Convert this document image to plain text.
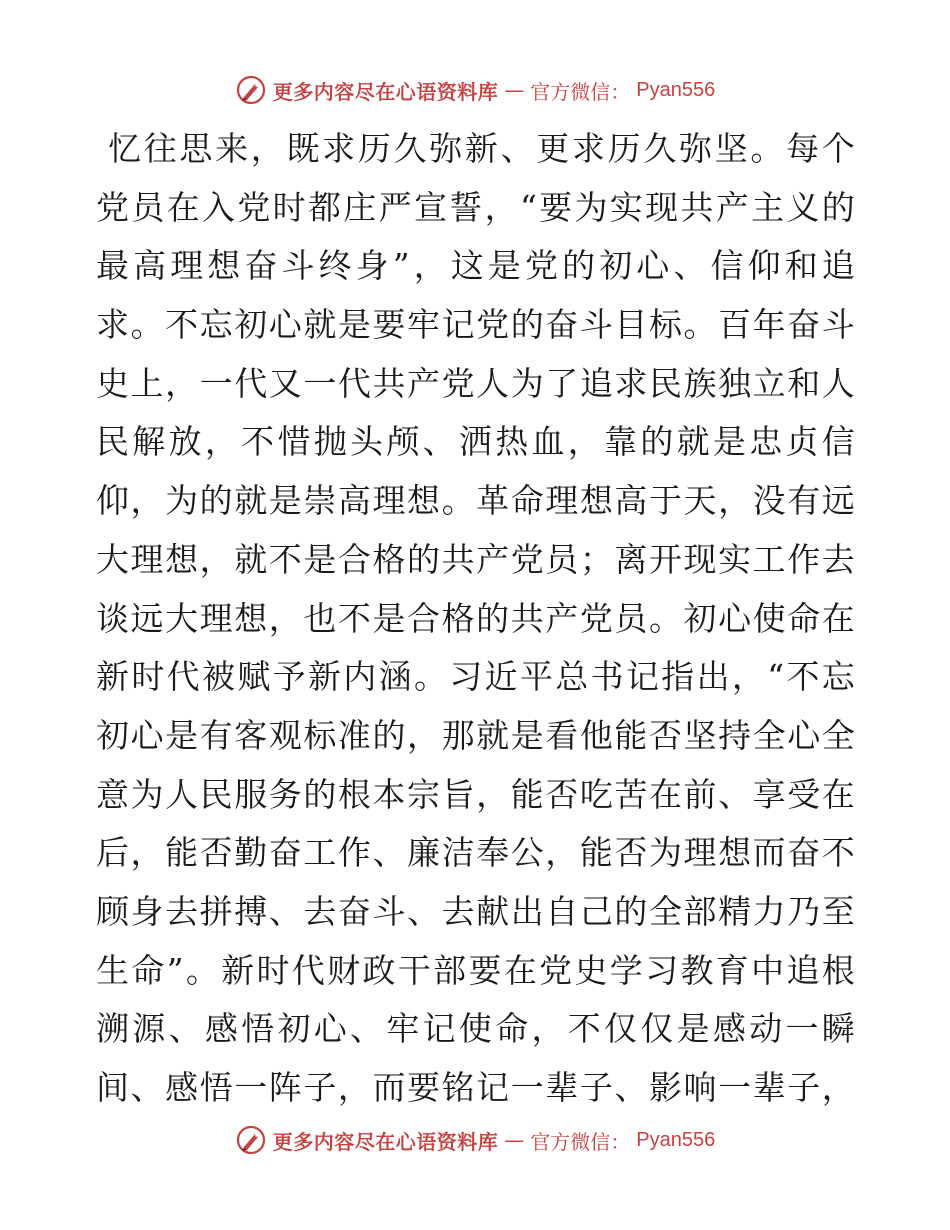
更多内容尽在心语资料库 — 官方微信： Pyan556
忆往思来，既求历久弥新、更求历久弥坚。每个
党员在入党时都庄严宣誓，“要为实现共产主义的
最高理想奋斗终身”，这是党的初心、信仰和追
求。不忘初心就是要牢记党的奋斗目标。百年奋斗
史上，一代又一代共产党人为了追求民族独立和人
民解放，不惜抛头颅、洒热血，靠的就是忠贞信
仰，为的就是崇高理想。革命理想高于天，没有远
大理想，就不是合格的共产党员；离开现实工作去
谈远大理想，也不是合格的共产党员。初心使命在
新时代被赋予新内涵。习近平总书记指出，“不忘
初心是有客观标准的，那就是看他能否坚持全心全
意为人民服务的根本宗旨，能否吃苦在前、享受在
后，能否勤奋工作、廉洁奉公，能否为理想而奋不
顾身去拼搏、去奋斗、去献出自己的全部精力乃至
生命”。新时代财政干部要在党史学习教育中追根
溯源、感悟初心、牢记使命，不仅仅是感动一瞬
间、感悟一阵子，而要铭记一辈子、影响一辈子，
更多内容尽在心语资料库 — 官方微信： Pyan556
